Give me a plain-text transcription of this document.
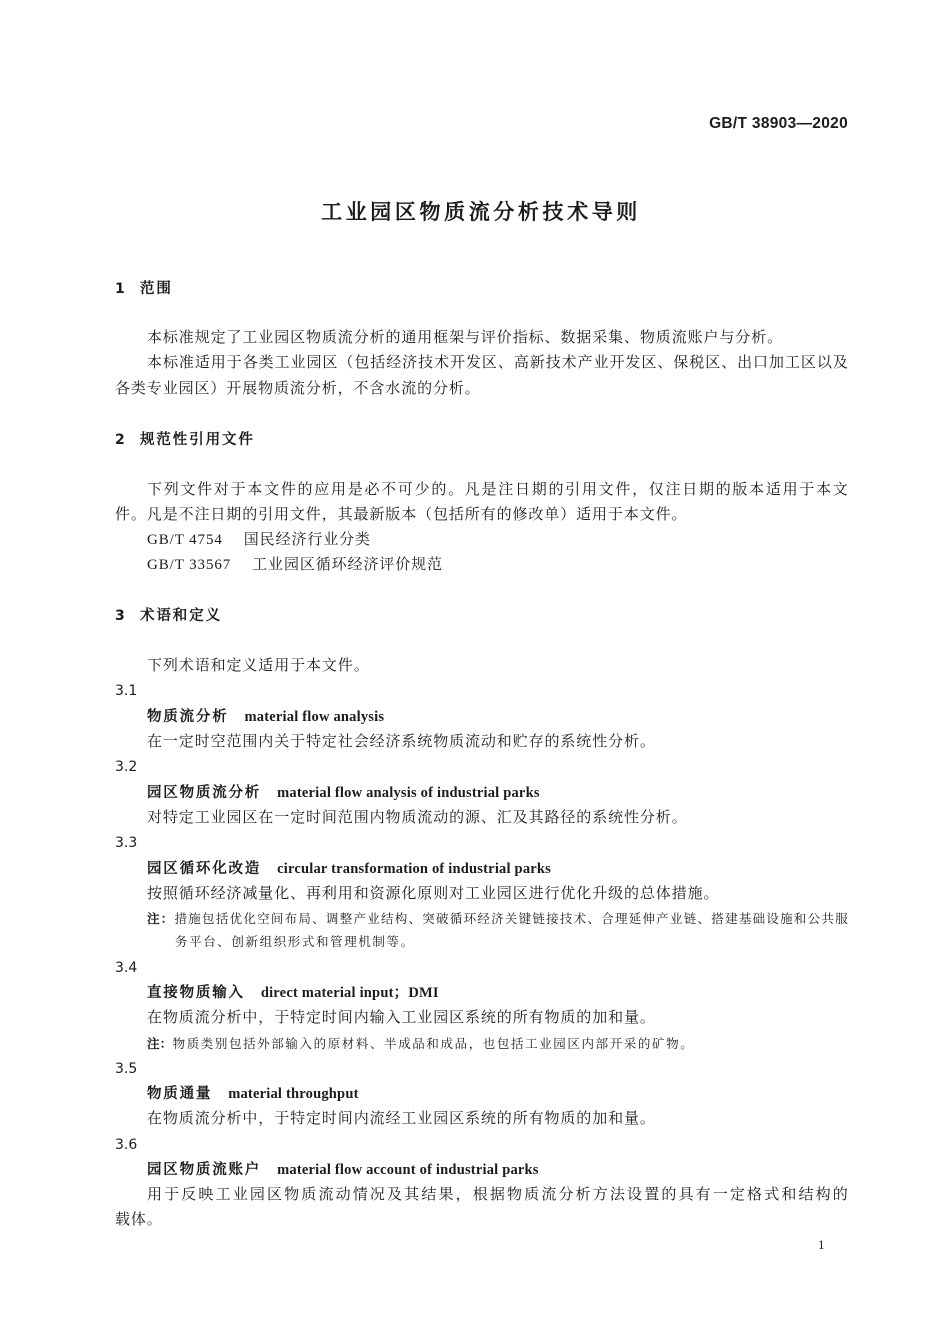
GB/T 38903—2020
工业园区物质流分析技术导则
1 范围
本标准规定了工业园区物质流分析的通用框架与评价指标、数据采集、物质流账户与分析。
本标准适用于各类工业园区（包括经济技术开发区、高新技术产业开发区、保税区、出口加工区以及
各类专业园区）开展物质流分析，不含水流的分析。
2 规范性引用文件
下列文件对于本文件的应用是必不可少的。凡是注日期的引用文件，仅注日期的版本适用于本文
件。凡是不注日期的引用文件，其最新版本（包括所有的修改单）适用于本文件。
GB/T 4754 国民经济行业分类
GB/T 33567 工业园区循环经济评价规范
3 术语和定义
下列术语和定义适用于本文件。
3.1
物质流分析 material flow analysis
在一定时空范围内关于特定社会经济系统物质流动和贮存的系统性分析。
3.2
园区物质流分析 material flow analysis of industrial parks
对特定工业园区在一定时间范围内物质流动的源、汇及其路径的系统性分析。
3.3
园区循环化改造 circular transformation of industrial parks
按照循环经济减量化、再利用和资源化原则对工业园区进行优化升级的总体措施。
注：措施包括优化空间布局、调整产业结构、突破循环经济关键链接技术、合理延伸产业链、搭建基础设施和公共服
务平台、创新组织形式和管理机制等。
3.4
直接物质输入 direct material input；DMI
在物质流分析中，于特定时间内输入工业园区系统的所有物质的加和量。
注：物质类别包括外部输入的原材料、半成品和成品，也包括工业园区内部开采的矿物。
3.5
物质通量 material throughput
在物质流分析中，于特定时间内流经工业园区系统的所有物质的加和量。
3.6
园区物质流账户 material flow account of industrial parks
用于反映工业园区物质流动情况及其结果，根据物质流分析方法设置的具有一定格式和结构的
载体。
1
